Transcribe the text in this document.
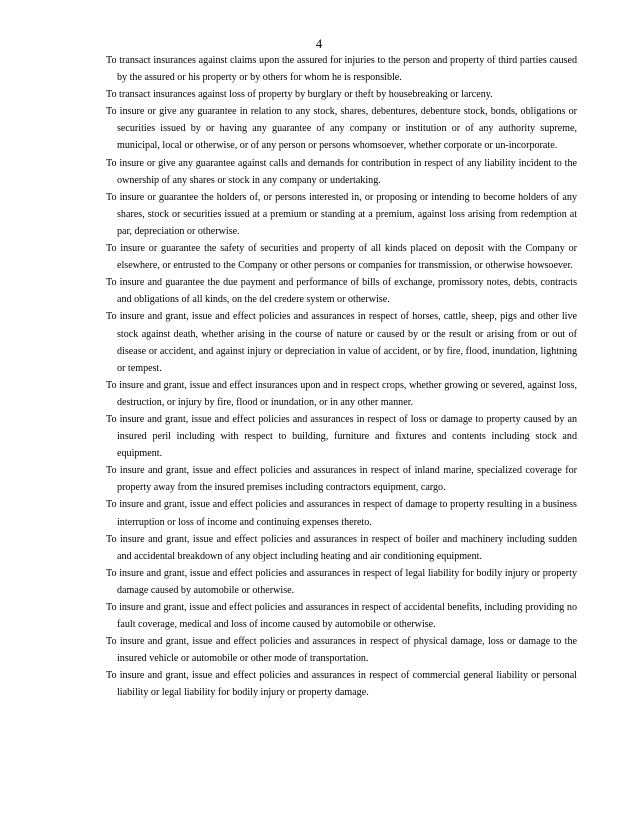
4
To transact insurances against claims upon the assured for injuries to the person and property of third parties caused by the assured or his property or by others for whom he is responsible.
To transact insurances against loss of property by burglary or theft by housebreaking or larceny.
To insure or give any guarantee in relation to any stock, shares, debentures, debenture stock, bonds, obligations or securities issued by or having any guarantee of any company or institution or of any authority supreme, municipal, local or otherwise, or of any person or persons whomsoever, whether corporate or un-incorporate.
To insure or give any guarantee against calls and demands for contribution in respect of any liability incident to the ownership of any shares or stock in any company or undertaking.
To insure or guarantee the holders of, or persons interested in, or proposing or intending to become holders of any shares, stock or securities issued at a premium or standing at a premium, against loss arising from redemption at par, depreciation or otherwise.
To insure or guarantee the safety of securities and property of all kinds placed on deposit with the Company or elsewhere, or entrusted to the Company or other persons or companies for transmission, or otherwise howsoever.
To insure and guarantee the due payment and performance of bills of exchange, promissory notes, debts, contracts and obligations of all kinds, on the del credere system or otherwise.
To insure and grant, issue and effect policies and assurances in respect of horses, cattle, sheep, pigs and other live stock against death, whether arising in the course of nature or caused by or the result or arising from or out of disease or accident, and against injury or depreciation in value of accident, or by fire, flood, inundation, lightning or tempest.
To insure and grant, issue and effect insurances upon and in respect crops, whether growing or severed, against loss, destruction, or injury by fire, flood or inundation, or in any other manner.
To insure and grant, issue and effect policies and assurances in respect of loss or damage to property caused by an insured peril including with respect to building, furniture and fixtures and contents including stock and equipment.
To insure and grant, issue and effect policies and assurances in respect of inland marine, specialized coverage for property away from the insured premises including contractors equipment, cargo.
To insure and grant, issue and effect policies and assurances in respect of damage to property resulting in a business interruption or loss of income and continuing expenses thereto.
To insure and grant, issue and effect policies and assurances in respect of boiler and machinery including sudden and accidental breakdown of any object including heating and air conditioning equipment.
To insure and grant, issue and effect policies and assurances in respect of legal liability for bodily injury or property damage caused by automobile or otherwise.
To insure and grant, issue and effect policies and assurances in respect of accidental benefits, including providing no fault coverage, medical and loss of income caused by automobile or otherwise.
To insure and grant, issue and effect policies and assurances in respect of physical damage, loss or damage to the insured vehicle or automobile or other mode of transportation.
To insure and grant, issue and effect policies and assurances in respect of commercial general liability or personal liability or legal liability for bodily injury or property damage.
